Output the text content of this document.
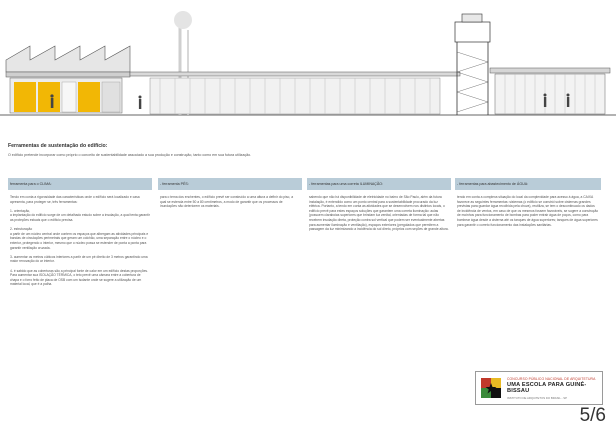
Ferramentas de sustentação do edifício:
O edifício pretende incorporar como próprio o conceito de sustentabilidade associado a sua produção e construção, tanto como em sua futura utilização.
ferramenta para o CLIMA:
Tendo em conta a rigorosidade das características onde o edifício será localizado e casa apresenta, para proteger se, três ferramentas:

1- orientação,
a implantação do edifício surge de um detalhado estudo sobre a insolação, a qual tenta garantir as proteções estuais que o edifício precisa.

2- estruturação
a partir de um núcleo central onde contem os espaços que albergam as atividades principais e bandas de circulações perimetrais que geram um colchão, uma separação entre o núcleo e o exterior, protegendo o interior, mesmo que o núcleo possa se estender de ponta a ponta para garantir ventilação cruzada.

3- aumentar os metros cúbicos interiores a partir de um pé direito de 3 metros garantindo uma maior renovação do ar interior.

4- é sabido que as coberturas são a principal fonte de calor em um edifício destas proporções. Para aumentar sua ISOLAÇÃO TÉRMICA, o teto prevê uma câmara entre a cobertura de chapa e o forro feito de placa de OSB com um isolante onde se sugere a utilização de um material local, que é a palha.
- ferramenta PÉS:
para o tema dos enchentes, o edifício prevê ser construído a uma altura a definir do piso, a qual se estenda entre 50 a 80 centímetros, a modo de garantir que os processos de inundações não deteriorem os materiais.
- ferramentas para uma correta ILUMINAÇÃO:
sabendo que não há disponibilidade de eletricidade no bairro de São Paulo, além da futura instalação, é entendido como um ponto central para a sustentabilidade procurado da luz elétrica. Portanto, a tendo em conta as atividades que se desenvolvem nos distintos locais, o edifício prevê para estes espaços soluções que garantem uma correta iluminação: aulas (possuem claraboias superiores que brindam luz zenital, orientadas de forma tal que não recebem insolação direta, proteção contra sol vertical que podem ser eventualmente abertas para aumentar iluminação e ventilação), espaços exteriores (pergolados que permitem a passagem da luz minimizando a incidência do sol direto, próprios com seções de grande altura.
- ferramentas para abastecimento de ÁGUA:
tendo em conta a complexa situação do local da complexidade para acesso à água, a CAIXA favorece as seguintes ferramentas: sistemas (o edifício se constrói sobre cisternas grandes previstas para guardar água recolhida pela chuva), reutiliza, se tem o descontinuado os dados de incidência de ventos, em caso de que os mesmos fossem favoráveis, se sugere a construção de moinhos para funcionamento de bombas para poder extrair água de poços, como para bombear água desde a cisterna até os tanques de água superiores; tanques de água superiores para garantir o correto funcionamento das instalações sanitárias.
CONCURSO PÚBLICO NACIONAL DE ARQUITETURA
UMA ESCOLA PARA GUINÉ-BISSAU
INSTITUTO DE ARQUITETOS DO BRASIL - SP
5/6
